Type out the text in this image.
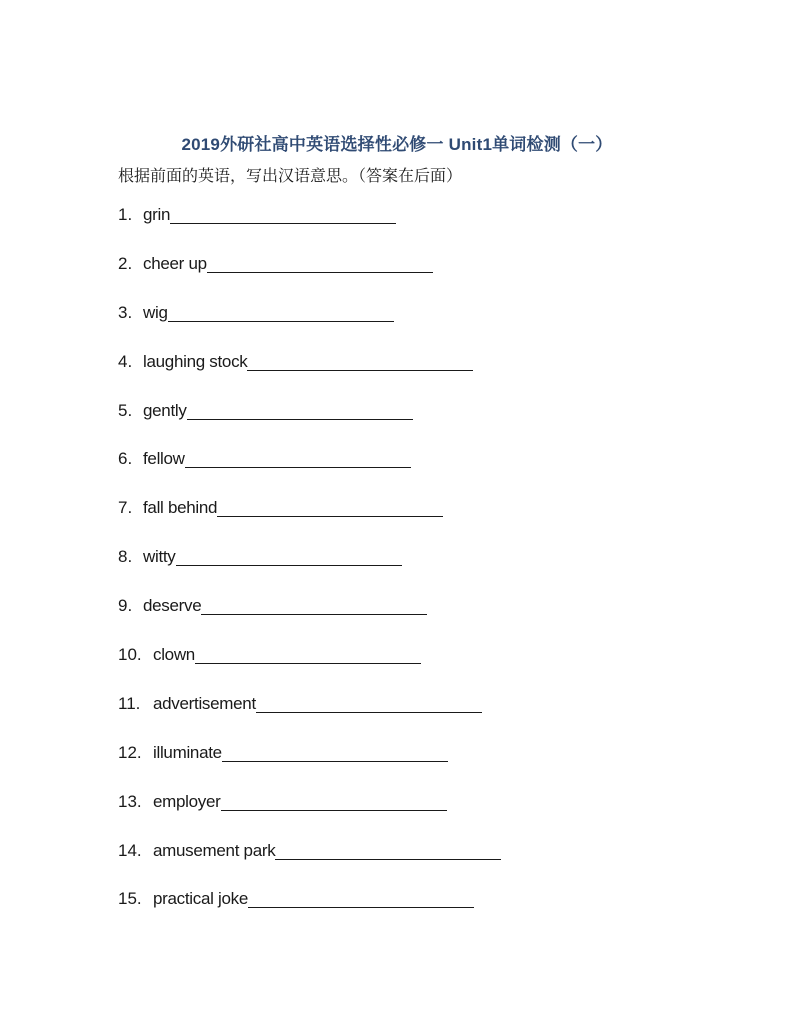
2019外研社高中英语选择性必修一 Unit1单词检测（一）
根据前面的英语，写出汉语意思。（答案在后面）
1. grin
2. cheer up
3. wig
4. laughing stock
5. gently
6. fellow
7. fall behind
8. witty
9. deserve
10. clown
11. advertisement
12. illuminate
13. employer
14. amusement park
15. practical joke
